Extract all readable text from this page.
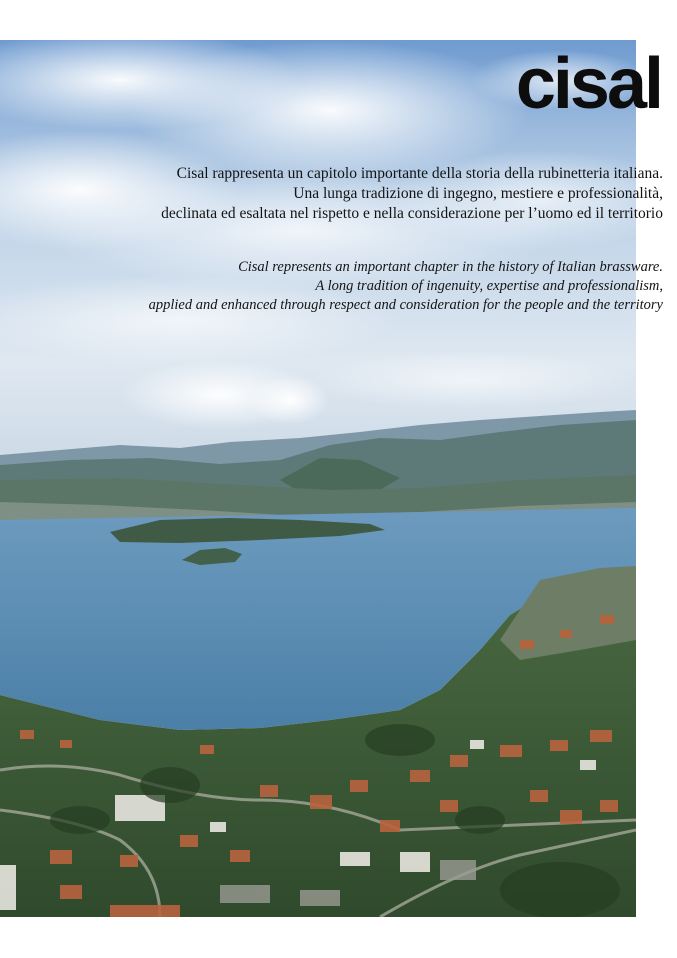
cisal
Cisal rappresenta un capitolo importante della storia della rubinetteria italiana.
Una lunga tradizione di ingegno, mestiere e professionalità,
declinata ed esaltata nel rispetto e nella considerazione per l’uomo ed il territorio
Cisal represents an important chapter in the history of Italian brassware.
A long tradition of ingenuity, expertise and professionalism,
applied and enhanced through respect and consideration for the people and the territory
